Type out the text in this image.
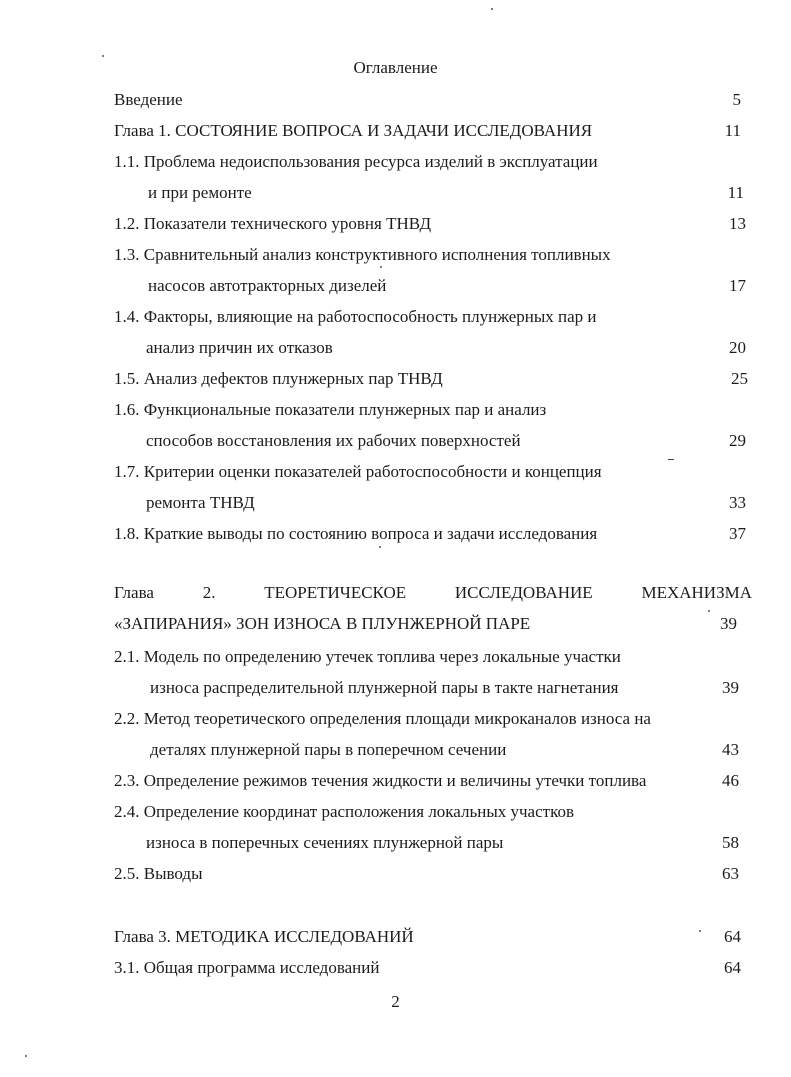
Оглавление
Введение	5
Глава 1. СОСТОЯНИЕ ВОПРОСА И ЗАДАЧИ ИССЛЕДОВАНИЯ	11
1.1. Проблема недоиспользования ресурса изделий в эксплуатации
и при ремонте	11
1.2. Показатели технического уровня ТНВД	13
1.3. Сравнительный анализ конструктивного исполнения топливных
насосов автотракторных дизелей	17
1.4. Факторы, влияющие на работоспособность плунжерных пар и
анализ причин их отказов	20
1.5. Анализ дефектов плунжерных пар ТНВД	25
1.6. Функциональные показатели плунжерных пар и анализ
способов восстановления их рабочих поверхностей	29
1.7. Критерии оценки показателей работоспособности и концепция
ремонта ТНВД	33
1.8. Краткие выводы по состоянию вопроса и задачи исследования	37
Глава	2.	ТЕОРЕТИЧЕСКОЕ	ИССЛЕДОВАНИЕ	МЕХАНИЗМА
«ЗАПИРАНИЯ» ЗОН ИЗНОСА В ПЛУНЖЕРНОЙ ПАРЕ	39
2.1. Модель по определению утечек топлива через локальные участки
износа распределительной плунжерной пары в такте нагнетания	39
2.2. Метод теоретического определения площади микроканалов износа на
деталях плунжерной пары в поперечном сечении	43
2.3. Определение режимов течения жидкости и величины утечки топлива	46
2.4. Определение координат расположения локальных участков
износа в поперечных сечениях плунжерной пары	58
2.5. Выводы	63
Глава 3. МЕТОДИКА ИССЛЕДОВАНИЙ	64
3.1. Общая программа исследований	64
2
